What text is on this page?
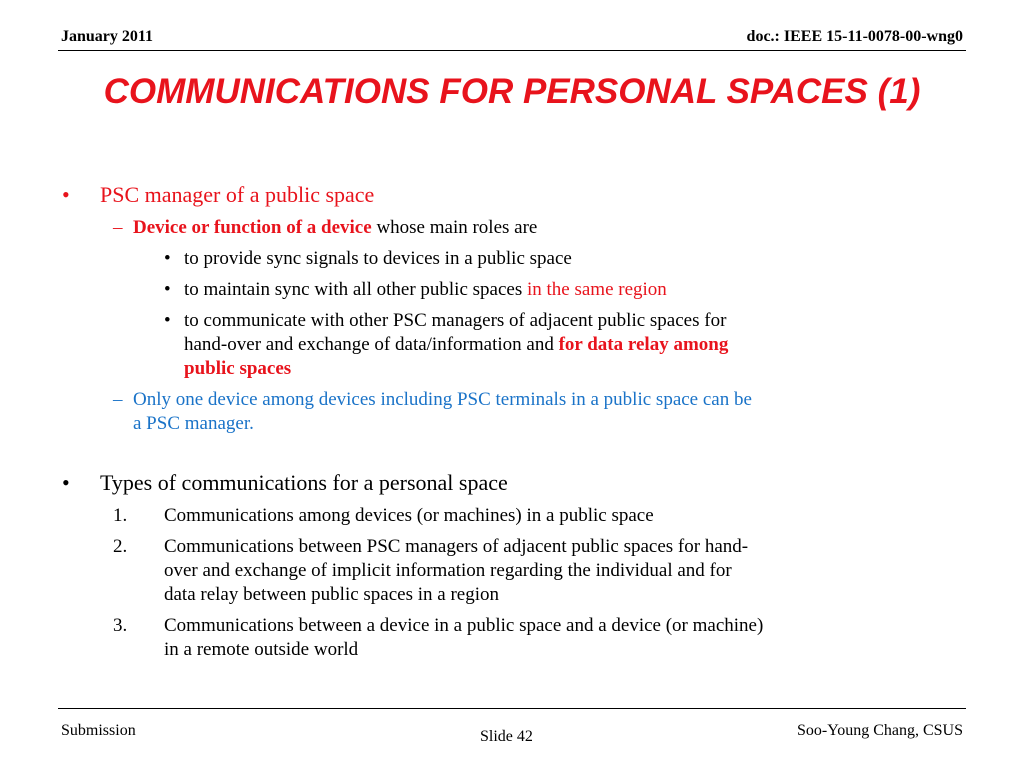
January 2011	doc.: IEEE 15-11-0078-00-wng0
COMMUNICATIONS FOR PERSONAL SPACES (1)
• PSC manager of a public space
– Device or function of a device whose main roles are
• to provide sync signals to devices in a public space
• to maintain sync with all other public spaces in the same region
• to communicate with other PSC managers of adjacent public spaces for
hand-over and exchange of data/information and for data relay among
public spaces
– Only one device among devices including PSC terminals in a public space can be
a PSC manager.
• Types of communications for a personal space
1. Communications among devices (or machines) in a public space
2. Communications between PSC managers of adjacent public spaces for hand-
over and exchange of implicit information regarding the individual and for
data relay between public spaces in a region
3. Communications between a device in a public space and a device (or machine)
in a remote outside world
Submission	Slide 42	Soo-Young Chang, CSUS
